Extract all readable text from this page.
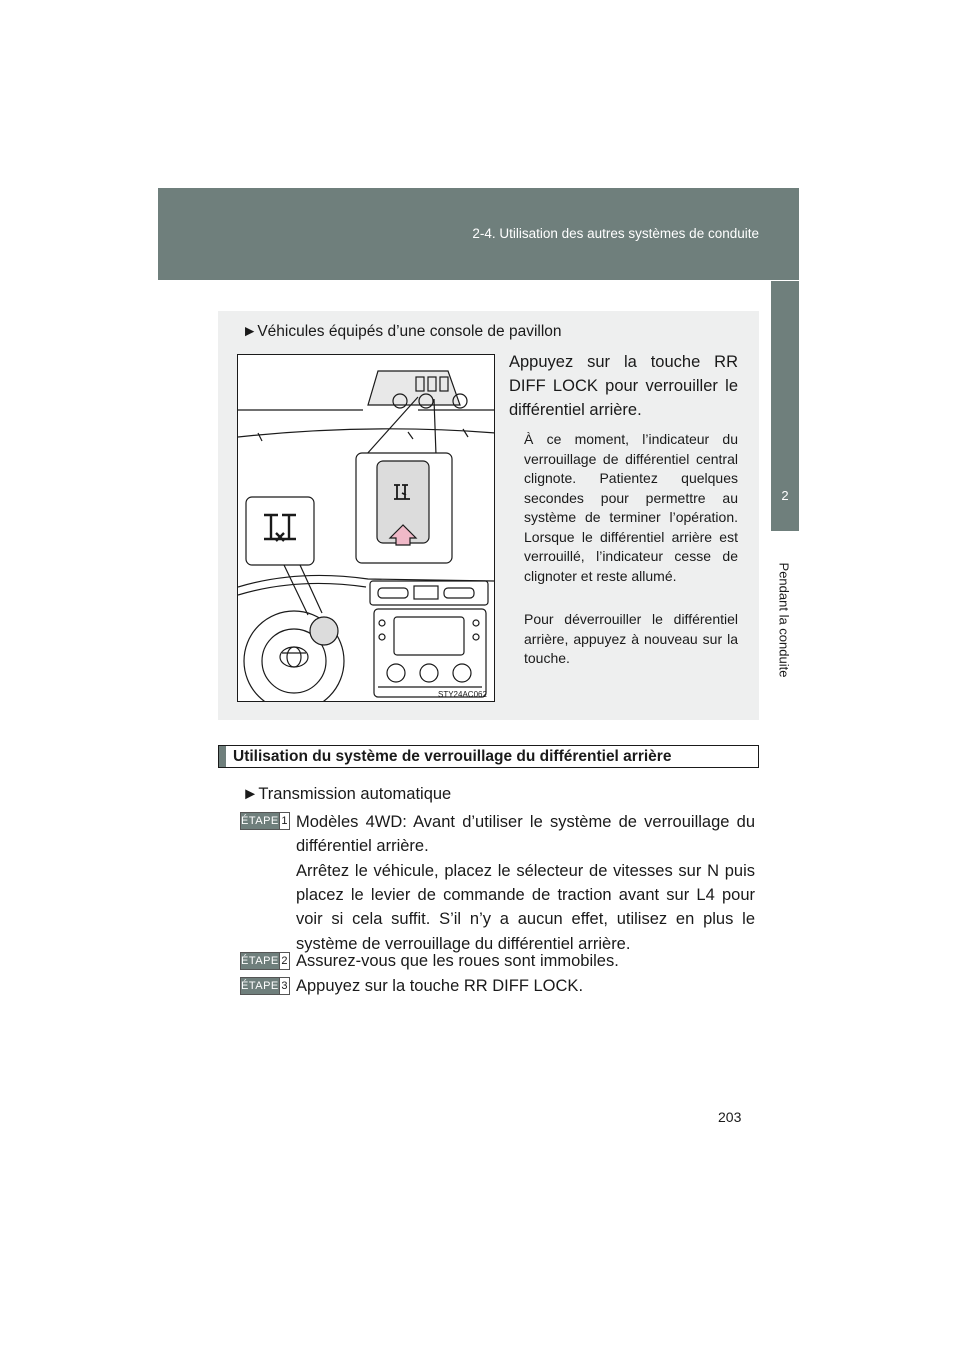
2-4. Utilisation des autres systèmes de conduite
2
Pendant la conduite
►Véhicules équipés d’une console de pavillon
STY24AC062
Appuyez sur la touche RR DIFF LOCK pour verrouiller le différentiel arrière.
À ce moment, l’indicateur du verrouillage de différentiel central clignote. Patientez quelques secondes pour permettre au système de terminer l’opération. Lorsque le différentiel arrière est verrouillé, l’indicateur cesse de clignoter et reste allumé.
Pour déverrouiller le différentiel arrière, appuyez à nouveau sur la touche.
Utilisation du système de verrouillage du différentiel arrière
►Transmission automatique
ÉTAPE 1 Modèles 4WD: Avant d’utiliser le système de verrouillage du différentiel arrière.
Arrêtez le véhicule, placez le sélecteur de vitesses sur N puis placez le levier de commande de traction avant sur L4 pour voir si cela suffit. S’il n’y a aucun effet, utilisez en plus le système de verrouillage du différentiel arrière.
ÉTAPE 2 Assurez-vous que les roues sont immobiles.
ÉTAPE 3 Appuyez sur la touche RR DIFF LOCK.
203
